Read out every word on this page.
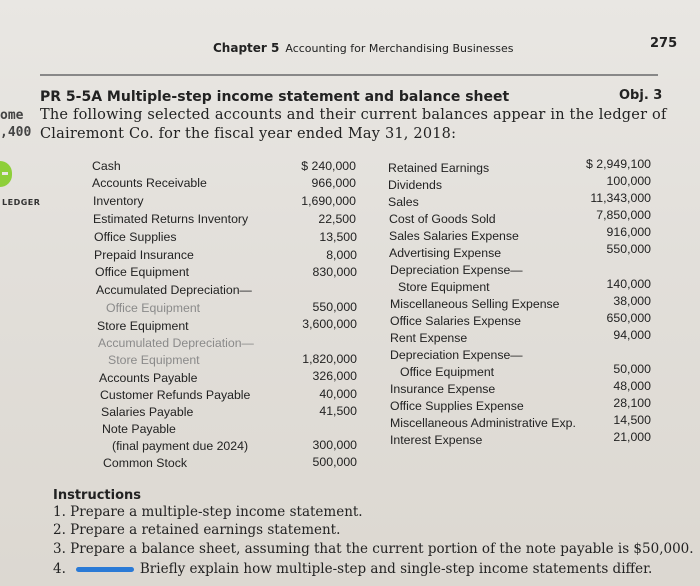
Chapter 5 Accounting for Merchandising Businesses	275
ome
,400
LEDGER
PR 5-5A Multiple-step income statement and balance sheet	Obj. 3
The following selected accounts and their current balances appear in the ledger of
Clairemont Co. for the fiscal year ended May 31, 2018:
Cash	$ 240,000
Accounts Receivable	966,000
Inventory	1,690,000
Estimated Returns Inventory	22,500
Office Supplies	13,500
Prepaid Insurance	8,000
Office Equipment	830,000
Accumulated Depreciation—
Office Equipment	550,000
Store Equipment	3,600,000
Accumulated Depreciation—
Store Equipment	1,820,000
Accounts Payable	326,000
Customer Refunds Payable	40,000
Salaries Payable	41,500
Note Payable
(final payment due 2024)	300,000
Common Stock	500,000
Retained Earnings	$ 2,949,100
Dividends	100,000
Sales	11,343,000
Cost of Goods Sold	7,850,000
Sales Salaries Expense	916,000
Advertising Expense	550,000
Depreciation Expense—
Store Equipment	140,000
Miscellaneous Selling Expense	38,000
Office Salaries Expense	650,000
Rent Expense	94,000
Depreciation Expense—
Office Equipment	50,000
Insurance Expense	48,000
Office Supplies Expense	28,100
Miscellaneous Administrative Exp.	14,500
Interest Expense	21,000
Instructions
1. Prepare a multiple-step income statement.
2. Prepare a retained earnings statement.
3. Prepare a balance sheet, assuming that the current portion of the note payable is $50,000.
4.	Briefly explain how multiple-step and single-step income statements differ.
